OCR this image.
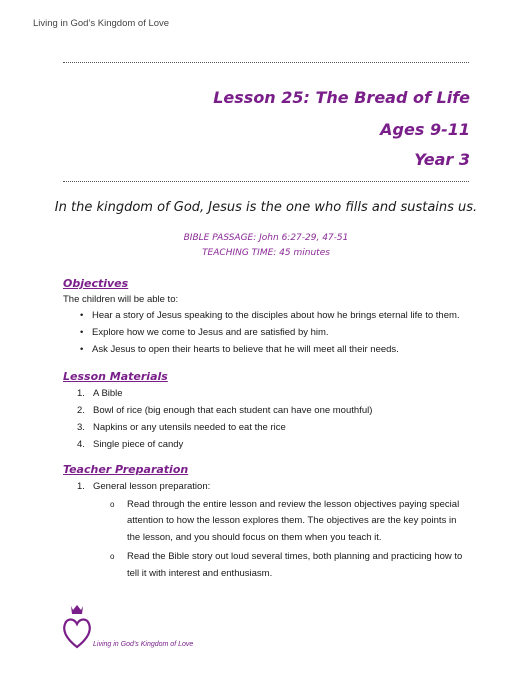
Living in God’s Kingdom of Love
Lesson 25: The Bread of Life
Ages 9-11
Year 3
In the kingdom of God, Jesus is the one who fills and sustains us.
BIBLE PASSAGE: John 6:27-29, 47-51
TEACHING TIME: 45 minutes
Objectives
The children will be able to:
• Hear a story of Jesus speaking to the disciples about how he brings eternal life to them.
• Explore how we come to Jesus and are satisfied by him.
• Ask Jesus to open their hearts to believe that he will meet all their needs.
Lesson Materials
1. A Bible
2. Bowl of rice (big enough that each student can have one mouthful)
3. Napkins or any utensils needed to eat the rice
4. Single piece of candy
Teacher Preparation
1. General lesson preparation:
o Read through the entire lesson and review the lesson objectives paying special attention to how the lesson explores them. The objectives are the key points in the lesson, and you should focus on them when you teach it.
o Read the Bible story out loud several times, both planning and practicing how to tell it with interest and enthusiasm.
Living in God’s Kingdom of Love
